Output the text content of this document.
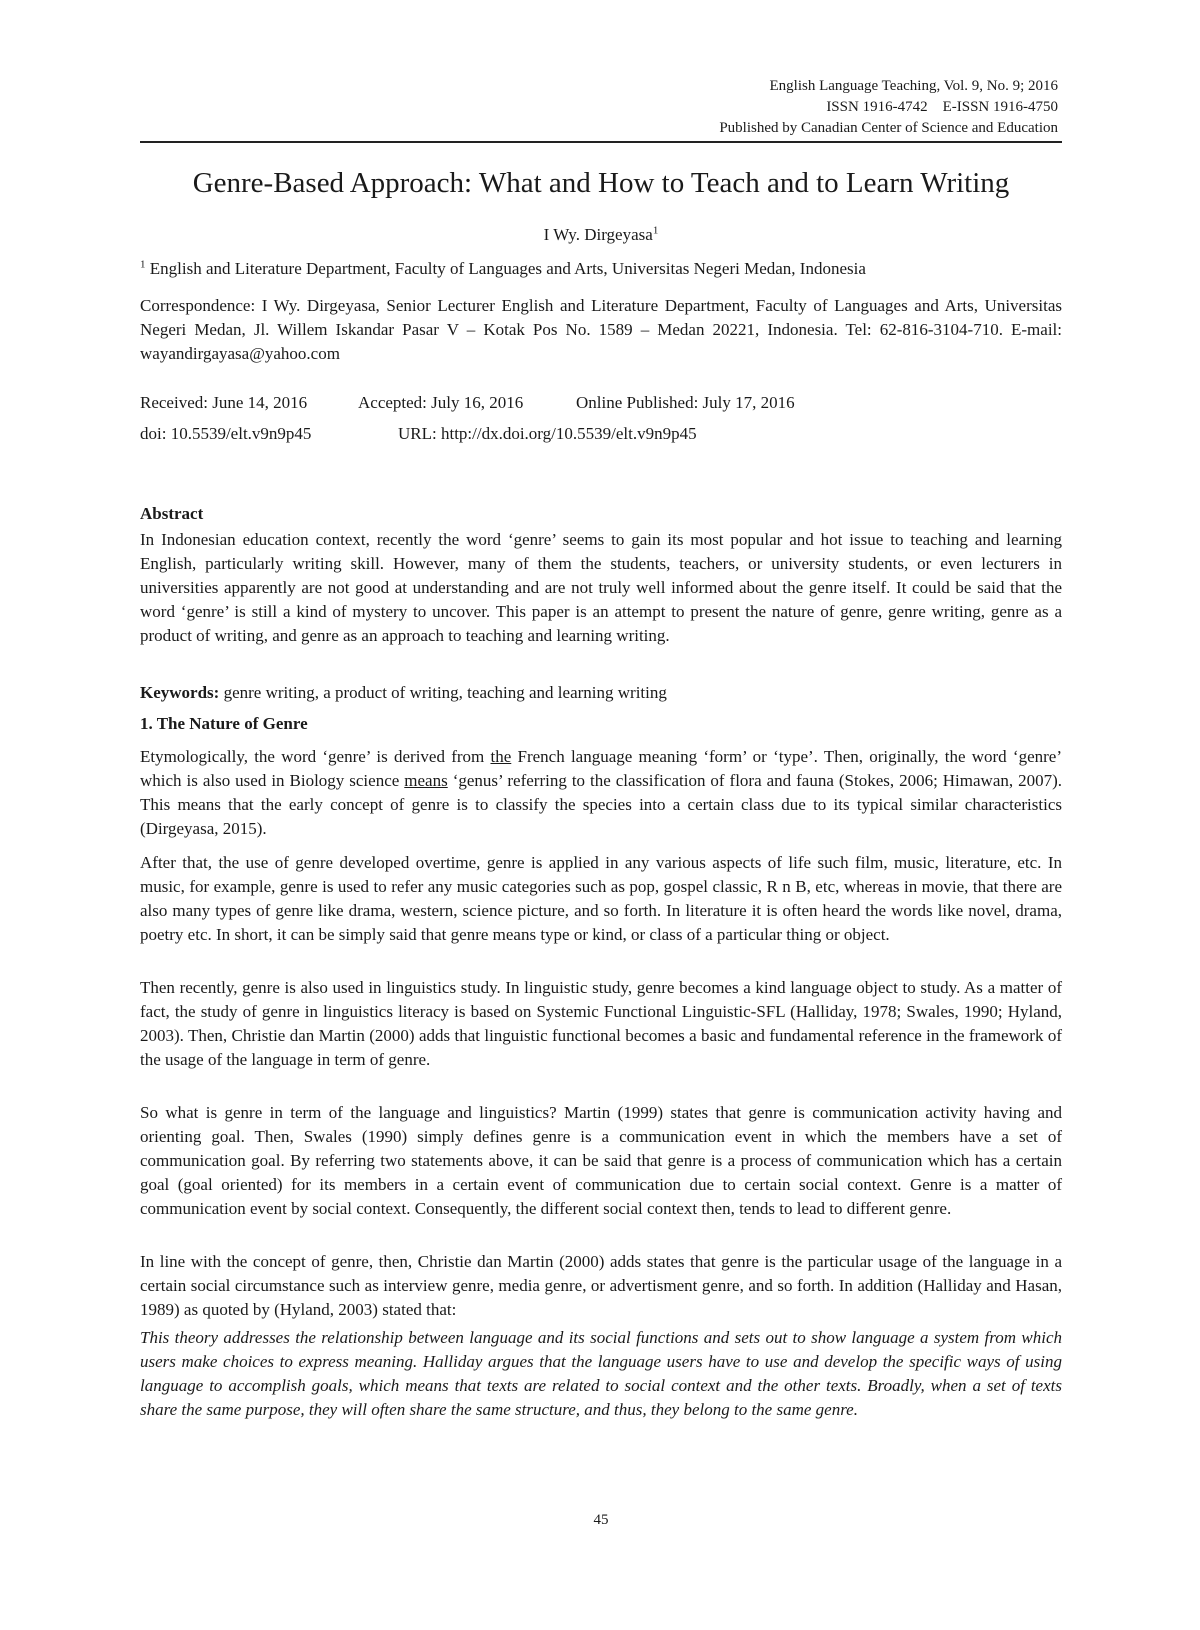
English Language Teaching, Vol. 9, No. 9; 2016
ISSN 1916-4742    E-ISSN 1916-4750
Published by Canadian Center of Science and Education
Genre-Based Approach: What and How to Teach and to Learn Writing
I Wy. Dirgeyasa$^1$
$^1$ English and Literature Department, Faculty of Languages and Arts, Universitas Negeri Medan, Indonesia
Correspondence: I Wy. Dirgeyasa, Senior Lecturer English and Literature Department, Faculty of Languages and Arts, Universitas Negeri Medan, Jl. Willem Iskandar Pasar V – Kotak Pos No. 1589 – Medan 20221, Indonesia. Tel: 62-816-3104-710. E-mail: wayandirgayasa@yahoo.com
Received: June 14, 2016	Accepted: July 16, 2016	Online Published: July 17, 2016
doi: 10.5539/elt.v9n9p45	URL: http://dx.doi.org/10.5539/elt.v9n9p45
Abstract
In Indonesian education context, recently the word ‘genre’ seems to gain its most popular and hot issue to teaching and learning English, particularly writing skill. However, many of them the students, teachers, or university students, or even lecturers in universities apparently are not good at understanding and are not truly well informed about the genre itself. It could be said that the word ‘genre’ is still a kind of mystery to uncover. This paper is an attempt to present the nature of genre, genre writing, genre as a product of writing, and genre as an approach to teaching and learning writing.
Keywords: genre writing, a product of writing, teaching and learning writing
1. The Nature of Genre
Etymologically, the word ‘genre’ is derived from the French language meaning ‘form’ or ‘type’. Then, originally, the word ‘genre’ which is also used in Biology science means ‘genus’ referring to the classification of flora and fauna (Stokes, 2006; Himawan, 2007). This means that the early concept of genre is to classify the species into a certain class due to its typical similar characteristics (Dirgeyasa, 2015).
After that, the use of genre developed overtime, genre is applied in any various aspects of life such film, music, literature, etc. In music, for example, genre is used to refer any music categories such as pop, gospel classic, R n B, etc, whereas in movie, that there are also many types of genre like drama, western, science picture, and so forth. In literature it is often heard the words like novel, drama, poetry etc. In short, it can be simply said that genre means type or kind, or class of a particular thing or object.
Then recently, genre is also used in linguistics study. In linguistic study, genre becomes a kind language object to study. As a matter of fact, the study of genre in linguistics literacy is based on Systemic Functional Linguistic-SFL (Halliday, 1978; Swales, 1990; Hyland, 2003). Then, Christie dan Martin (2000) adds that linguistic functional becomes a basic and fundamental reference in the framework of the usage of the language in term of genre.
So what is genre in term of the language and linguistics? Martin (1999) states that genre is communication activity having and orienting goal. Then, Swales (1990) simply defines genre is a communication event in which the members have a set of communication goal. By referring two statements above, it can be said that genre is a process of communication which has a certain goal (goal oriented) for its members in a certain event of communication due to certain social context. Genre is a matter of communication event by social context. Consequently, the different social context then, tends to lead to different genre.
In line with the concept of genre, then, Christie dan Martin (2000) adds states that genre is the particular usage of the language in a certain social circumstance such as interview genre, media genre, or advertisment genre, and so forth. In addition (Halliday and Hasan, 1989) as quoted by (Hyland, 2003) stated that:
This theory addresses the relationship between language and its social functions and sets out to show language a system from which users make choices to express meaning. Halliday argues that the language users have to use and develop the specific ways of using language to accomplish goals, which means that texts are related to social context and the other texts. Broadly, when a set of texts share the same purpose, they will often share the same structure, and thus, they belong to the same genre.
45
